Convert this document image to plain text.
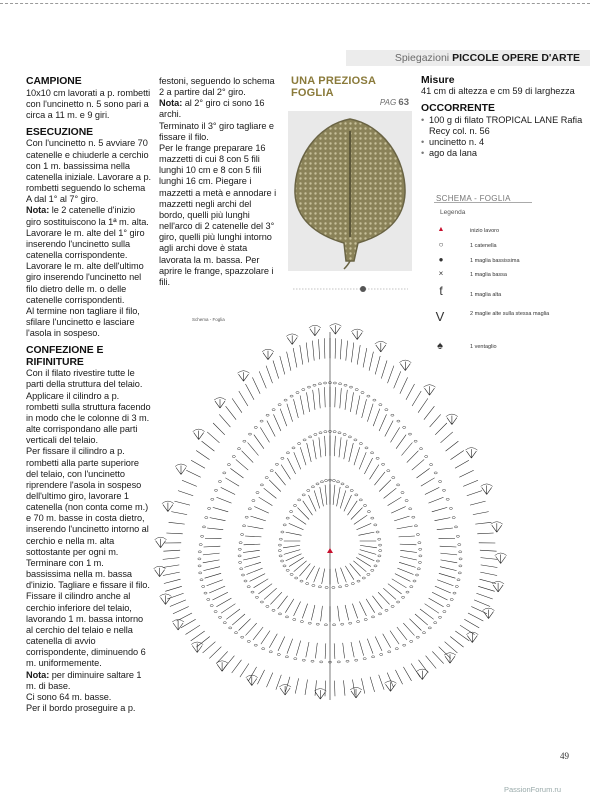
Spiegazioni PICCOLE OPERE D'ARTE
CAMPIONE

10x10 cm lavorati a p. rombetti con l'uncinetto n. 5 sono pari a circa a 11 m. e 9 giri.

ESECUZIONE

Con l'uncinetto n. 5 avviare 70 catenelle e chiuderle a cerchio con 1 m. bassissima nella catenella iniziale. Lavorare a p. rombetti seguendo lo schema A dal 1° al 7° giro.

Nota: le 2 catenelle d'inizio giro sostituiscono la 1ª m. alta. Lavorare le m. alte del 1° giro inserendo l'uncinetto sulla catenella corrispondente. Lavorare le m. alte dell'ultimo giro inserendo l'uncinetto nel filo dietro delle m. o delle catenelle corrispondenti.

Al termine non tagliare il filo, sfilare l'uncinetto e lasciare l'asola in sospeso.

CONFEZIONE E RIFINITURE

Con il filato rivestire tutte le parti della struttura del telaio. Applicare il cilindro a p. rombetti sulla struttura facendo in modo che le colonne di 3 m. alte corrispondano alle parti verticali del telaio.

Per fissare il cilindro a p. rombetti alla parte superiore del telaio, con l'uncinetto riprendere l'asola in sospeso dell'ultimo giro, lavorare 1 catenella (non conta come m.) e 70 m. basse in costa dietro, inserendo l'uncinetto intorno al cerchio e nella m. alta sottostante per ogni m. Terminare con 1 m. bassissima nella m. bassa d'inizio. Tagliare e fissare il filo.

Fissare il cilindro anche al cerchio inferiore del telaio, lavorando 1 m. bassa intorno al cerchio del telaio e nella catenella di avvio corrispondente, diminuendo 6 m. uniformemente.

Nota: per diminuire saltare 1 m. di base.

Ci sono 64 m. basse.

Per il bordo proseguire a p.

festoni, seguendo lo schema 2 a partire dal 2° giro.

Nota: al 2° giro ci sono 16 archi.

Terminato il 3° giro tagliare e fissare il filo.

Per le frange preparare 16 mazzetti di cui 8 con 5 fili lunghi 10 cm e 8 con 5 fili lunghi 16 cm. Piegare i mazzetti a metà e annodare i mazzetti negli archi del bordo, quelli più lunghi nell'arco di 2 catenelle del 3° giro, quelli più lunghi intorno agli archi dove è stata lavorata la m. bassa. Per aprire le frange, spazzolare i fili.

UNA PREZIOSA
FOGLIA
PAG 63
Misure

41 cm di altezza e cm 59 di larghezza

OCCORRENTE
• 100 g di filato TROPICAL LANE Rafia Recy col. n. 56
• uncinetto n. 4
• ago da lana
SCHEMA - FOGLIA
Legenda
▲	inizio lavoro
○	1 catenella
●	1 maglia bassissima
×	1 maglia bassa
ƭ	1 maglia alta
V	2 maglie alte sulla stessa maglia
♠	1 ventaglio
Schema - Foglia
49
PassionForum.ru
